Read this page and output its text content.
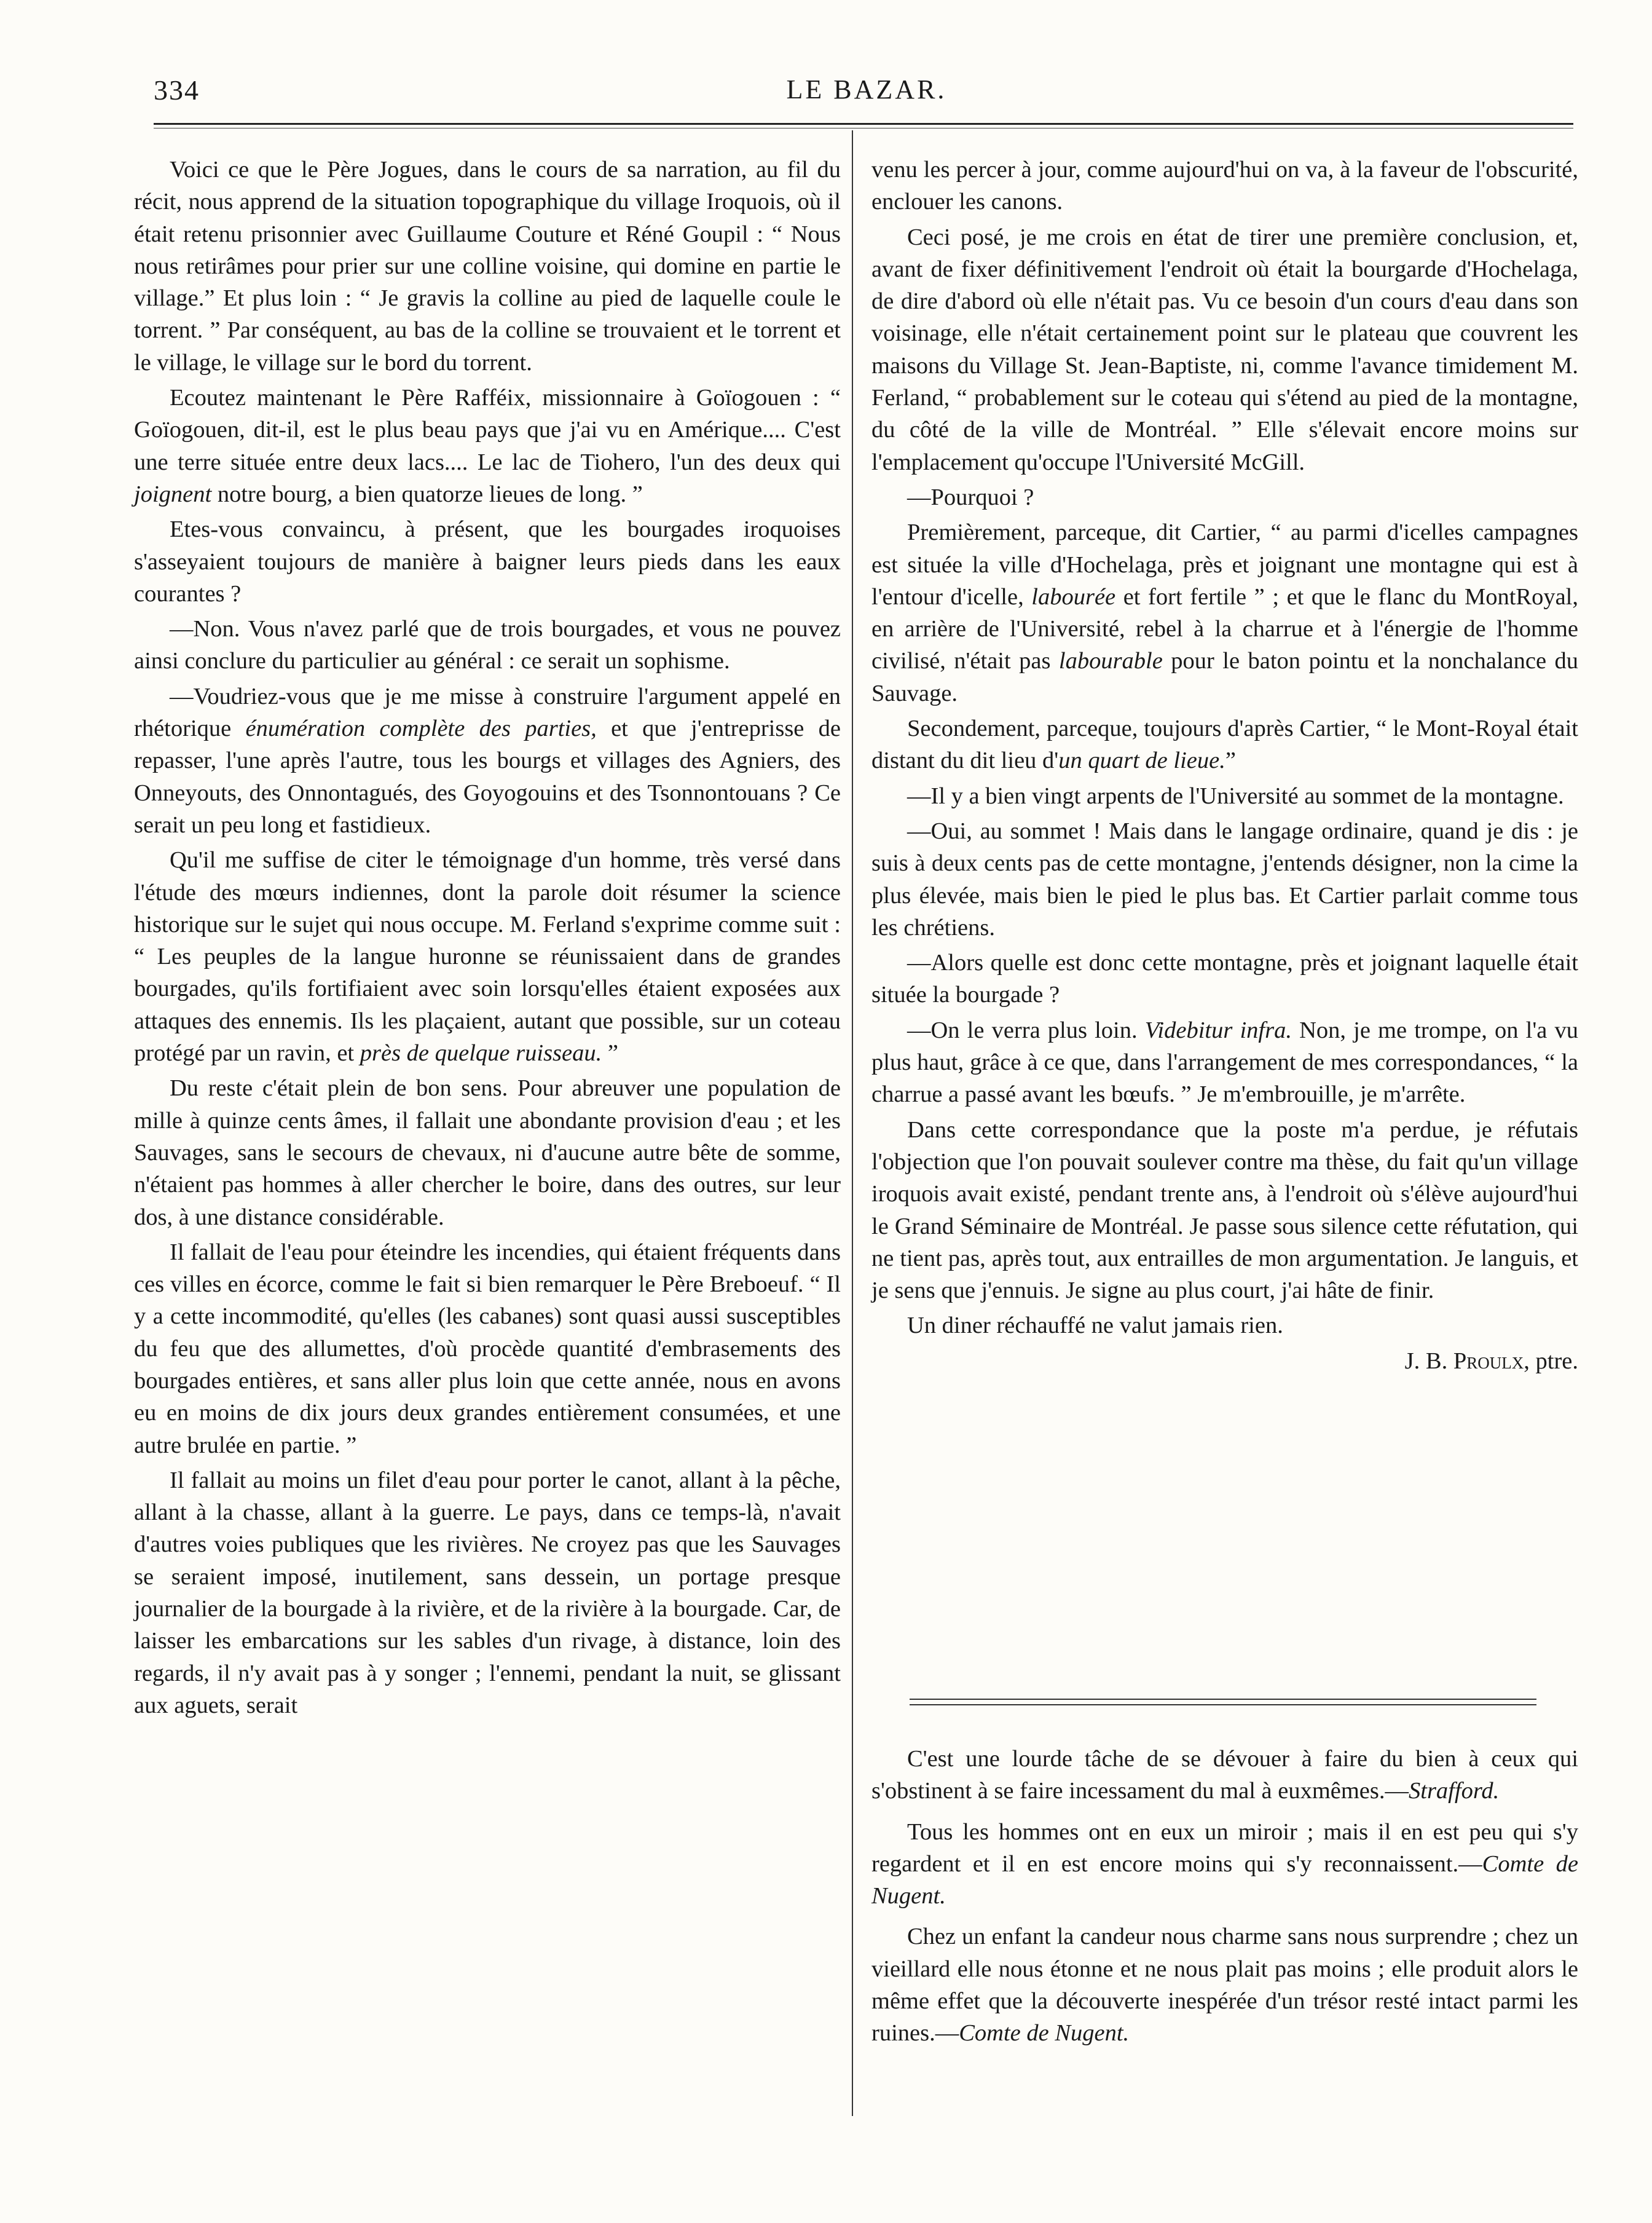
334	LE BAZAR.

Voici ce que le Père Jogues, dans le cours de sa narration, au fil du récit, nous apprend de la situation topographique du village Iroquois, où il était retenu prisonnier avec Guillaume Couture et Réné Goupil : “ Nous nous retirâmes pour prier sur une colline voisine, qui domine en partie le village.” Et plus loin : “ Je gravis la colline au pied de laquelle coule le torrent. ” Par conséquent, au bas de la colline se trouvaient et le torrent et le village, le village sur le bord du torrent.

Ecoutez maintenant le Père Rafféix, missionnaire à Goïogouen : “ Goïogouen, dit-il, est le plus beau pays que j'ai vu en Amérique.... C'est une terre située entre deux lacs.... Le lac de Tiohero, l'un des deux qui joignent notre bourg, a bien quatorze lieues de long. ”

Etes-vous convaincu, à présent, que les bourgades iroquoises s'asseyaient toujours de manière à baigner leurs pieds dans les eaux courantes ?

—Non. Vous n'avez parlé que de trois bourgades, et vous ne pouvez ainsi conclure du particulier au général : ce serait un sophisme.

—Voudriez-vous que je me misse à construire l'argument appelé en rhétorique énumération complète des parties, et que j'entreprisse de repasser, l'une après l'autre, tous les bourgs et villages des Agniers, des Onneyouts, des Onnontagués, des Goyogouins et des Tsonnontouans ? Ce serait un peu long et fastidieux.

Qu'il me suffise de citer le témoignage d'un homme, très versé dans l'étude des mœurs indiennes, dont la parole doit résumer la science historique sur le sujet qui nous occupe. M. Ferland s'exprime comme suit : “ Les peuples de la langue huronne se réunissaient dans de grandes bourgades, qu'ils fortifiaient avec soin lorsqu'elles étaient exposées aux attaques des ennemis. Ils les plaçaient, autant que possible, sur un coteau protégé par un ravin, et près de quelque ruisseau. ”

Du reste c'était plein de bon sens. Pour abreuver une population de mille à quinze cents âmes, il fallait une abondante provision d'eau ; et les Sauvages, sans le secours de chevaux, ni d'aucune autre bête de somme, n'étaient pas hommes à aller chercher le boire, dans des outres, sur leur dos, à une distance considérable.

Il fallait de l'eau pour éteindre les incendies, qui étaient fréquents dans ces villes en écorce, comme le fait si bien remarquer le Père Breboeuf. “ Il y a cette incommodité, qu'elles (les cabanes) sont quasi aussi susceptibles du feu que des allumettes, d'où procède quantité d'embrasements des bourgades entières, et sans aller plus loin que cette année, nous en avons eu en moins de dix jours deux grandes entièrement consumées, et une autre brulée en partie. ”

Il fallait au moins un filet d'eau pour porter le canot, allant à la pêche, allant à la chasse, allant à la guerre. Le pays, dans ce temps-là, n'avait d'autres voies publiques que les rivières. Ne croyez pas que les Sauvages se seraient imposé, inutilement, sans dessein, un portage presque journalier de la bourgade à la rivière, et de la rivière à la bourgade. Car, de laisser les embarcations sur les sables d'un rivage, à distance, loin des regards, il n'y avait pas à y songer ; l'ennemi, pendant la nuit, se glissant aux aguets, serait

venu les percer à jour, comme aujourd'hui on va, à la faveur de l'obscurité, enclouer les canons.

Ceci posé, je me crois en état de tirer une première conclusion, et, avant de fixer définitivement l'endroit où était la bourgarde d'Hochelaga, de dire d'abord où elle n'était pas. Vu ce besoin d'un cours d'eau dans son voisinage, elle n'était certainement point sur le plateau que couvrent les maisons du Village St. Jean-Baptiste, ni, comme l'avance timidement M. Ferland, “ probablement sur le coteau qui s'étend au pied de la montagne, du côté de la ville de Montréal. ” Elle s'élevait encore moins sur l'emplacement qu'occupe l'Université McGill.

—Pourquoi ?

Premièrement, parceque, dit Cartier, “ au parmi d'icelles campagnes est située la ville d'Hochelaga, près et joignant une montagne qui est à l'entour d'icelle, labourée et fort fertile ” ; et que le flanc du MontRoyal, en arrière de l'Université, rebel à la charrue et à l'énergie de l'homme civilisé, n'était pas labourable pour le baton pointu et la nonchalance du Sauvage.

Secondement, parceque, toujours d'après Cartier, “ le Mont-Royal était distant du dit lieu d'un quart de lieue.”

—Il y a bien vingt arpents de l'Université au sommet de la montagne.

—Oui, au sommet ! Mais dans le langage ordinaire, quand je dis : je suis à deux cents pas de cette montagne, j'entends désigner, non la cime la plus élevée, mais bien le pied le plus bas. Et Cartier parlait comme tous les chrétiens.

—Alors quelle est donc cette montagne, près et joignant laquelle était située la bourgade ?

—On le verra plus loin. Videbitur infra. Non, je me trompe, on l'a vu plus haut, grâce à ce que, dans l'arrangement de mes correspondances, “ la charrue a passé avant les bœufs. ” Je m'embrouille, je m'arrête.

Dans cette correspondance que la poste m'a perdue, je réfutais l'objection que l'on pouvait soulever contre ma thèse, du fait qu'un village iroquois avait existé, pendant trente ans, à l'endroit où s'élève aujourd'hui le Grand Séminaire de Montréal. Je passe sous silence cette réfutation, qui ne tient pas, après tout, aux entrailles de mon argumentation. Je languis, et je sens que j'ennuis. Je signe au plus court, j'ai hâte de finir.

Un diner réchauffé ne valut jamais rien.

J. B. Proulx, ptre.

C'est une lourde tâche de se dévouer à faire du bien à ceux qui s'obstinent à se faire incessament du mal à euxmêmes.—Strafford.

Tous les hommes ont en eux un miroir ; mais il en est peu qui s'y regardent et il en est encore moins qui s'y reconnaissent.—Comte de Nugent.

Chez un enfant la candeur nous charme sans nous surprendre ; chez un vieillard elle nous étonne et ne nous plait pas moins ; elle produit alors le même effet que la découverte inespérée d'un trésor resté intact parmi les ruines.—Comte de Nugent.
